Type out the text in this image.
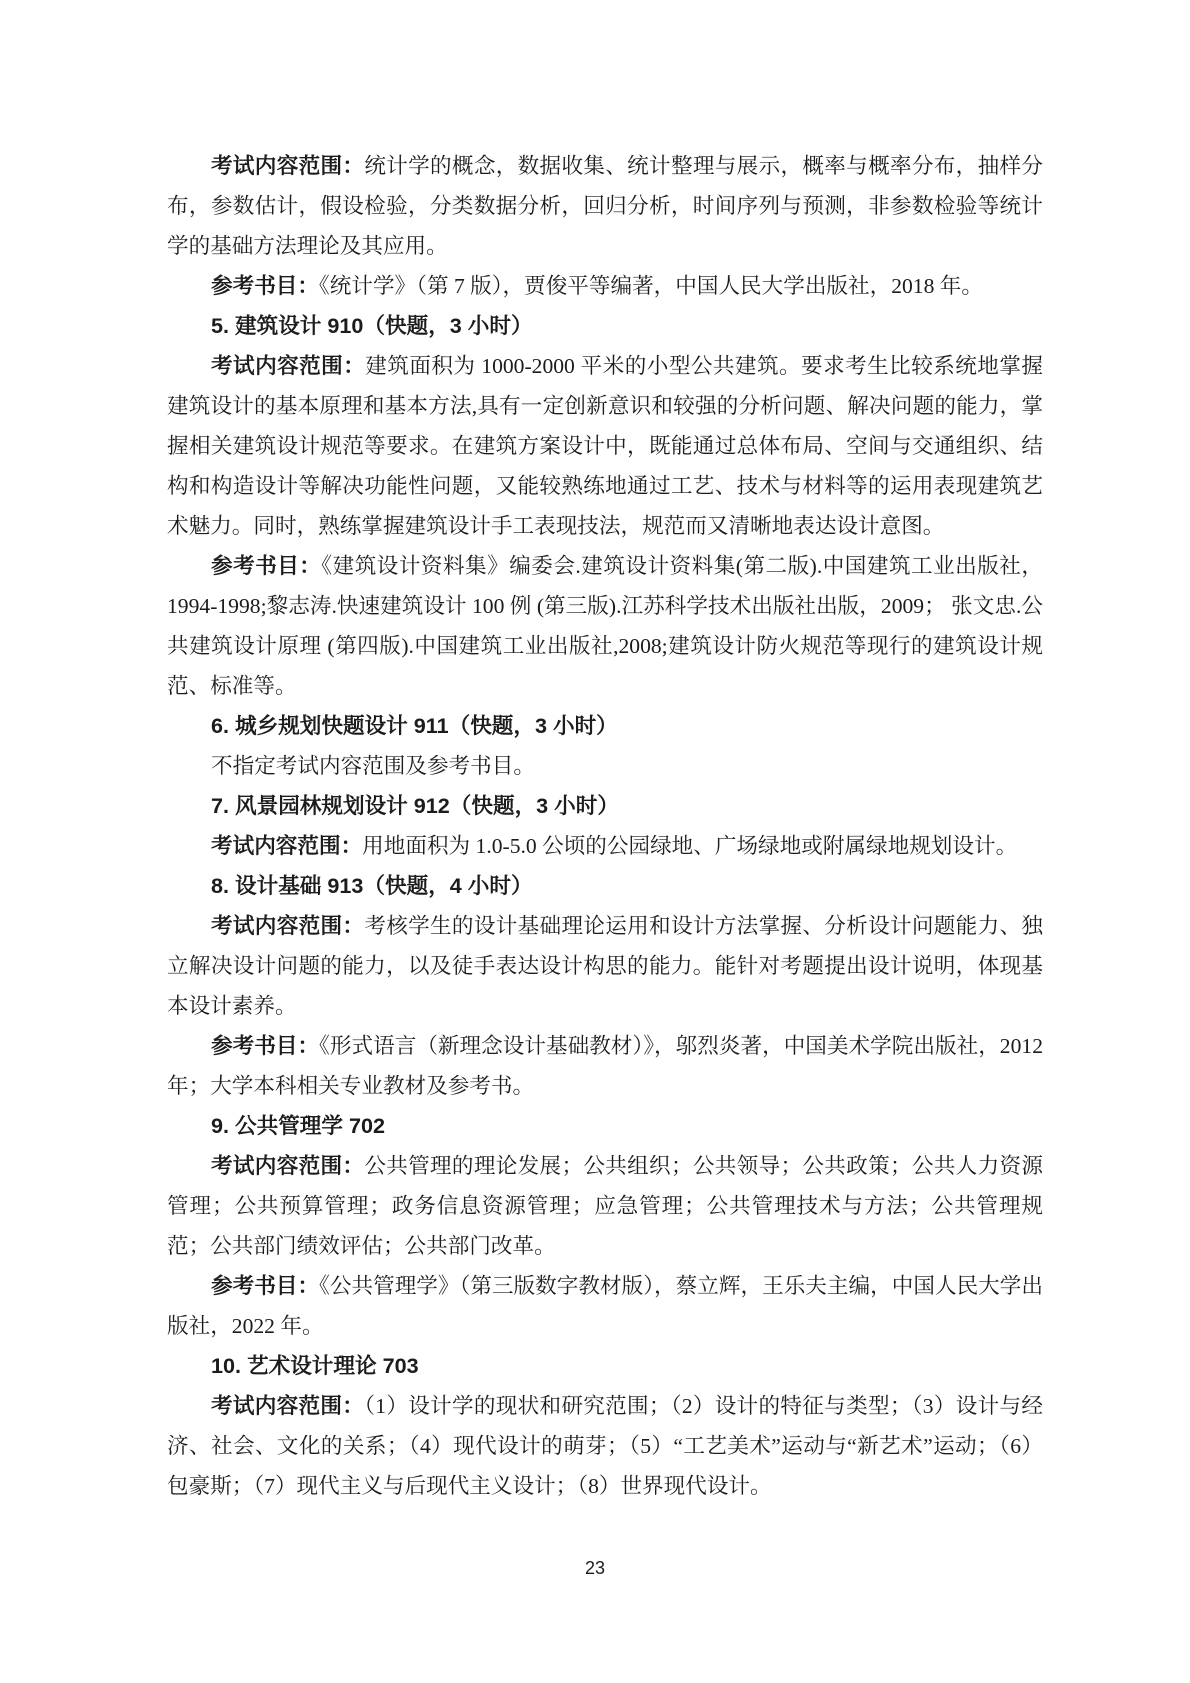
考试内容范围：统计学的概念，数据收集、统计整理与展示，概率与概率分布，抽样分布，参数估计，假设检验，分类数据分析，回归分析，时间序列与预测，非参数检验等统计学的基础方法理论及其应用。

参考书目：《统计学》（第 7 版），贾俊平等编著，中国人民大学出版社，2018 年。

5. 建筑设计 910（快题，3 小时）

考试内容范围：建筑面积为 1000-2000 平米的小型公共建筑。要求考生比较系统地掌握建筑设计的基本原理和基本方法,具有一定创新意识和较强的分析问题、解决问题的能力，掌握相关建筑设计规范等要求。在建筑方案设计中，既能通过总体布局、空间与交通组织、结构和构造设计等解决功能性问题，又能较熟练地通过工艺、技术与材料等的运用表现建筑艺术魅力。同时，熟练掌握建筑设计手工表现技法，规范而又清晰地表达设计意图。

参考书目：《建筑设计资料集》编委会.建筑设计资料集(第二版).中国建筑工业出版社，1994-1998;黎志涛.快速建筑设计 100 例 (第三版).江苏科学技术出版社出版，2009； 张文忠.公共建筑设计原理 (第四版).中国建筑工业出版社,2008;建筑设计防火规范等现行的建筑设计规范、标准等。

6. 城乡规划快题设计 911（快题，3 小时）

不指定考试内容范围及参考书目。

7. 风景园林规划设计 912（快题，3 小时）

考试内容范围：用地面积为 1.0-5.0 公顷的公园绿地、广场绿地或附属绿地规划设计。

8. 设计基础 913（快题，4 小时）

考试内容范围：考核学生的设计基础理论运用和设计方法掌握、分析设计问题能力、独立解决设计问题的能力，以及徒手表达设计构思的能力。能针对考题提出设计说明，体现基本设计素养。

参考书目：《形式语言（新理念设计基础教材）》，邬烈炎著，中国美术学院出版社，2012 年；大学本科相关专业教材及参考书。

9. 公共管理学 702

考试内容范围：公共管理的理论发展；公共组织；公共领导；公共政策；公共人力资源管理；公共预算管理；政务信息资源管理；应急管理；公共管理技术与方法；公共管理规范；公共部门绩效评估；公共部门改革。

参考书目：《公共管理学》（第三版数字教材版），蔡立辉，王乐夫主编，中国人民大学出版社，2022 年。

10. 艺术设计理论 703

考试内容范围：（1）设计学的现状和研究范围；（2）设计的特征与类型；（3）设计与经济、社会、文化的关系；（4）现代设计的萌芽；（5）“工艺美术”运动与“新艺术”运动；（6）包豪斯；（7）现代主义与后现代主义设计；（8）世界现代设计。

23
